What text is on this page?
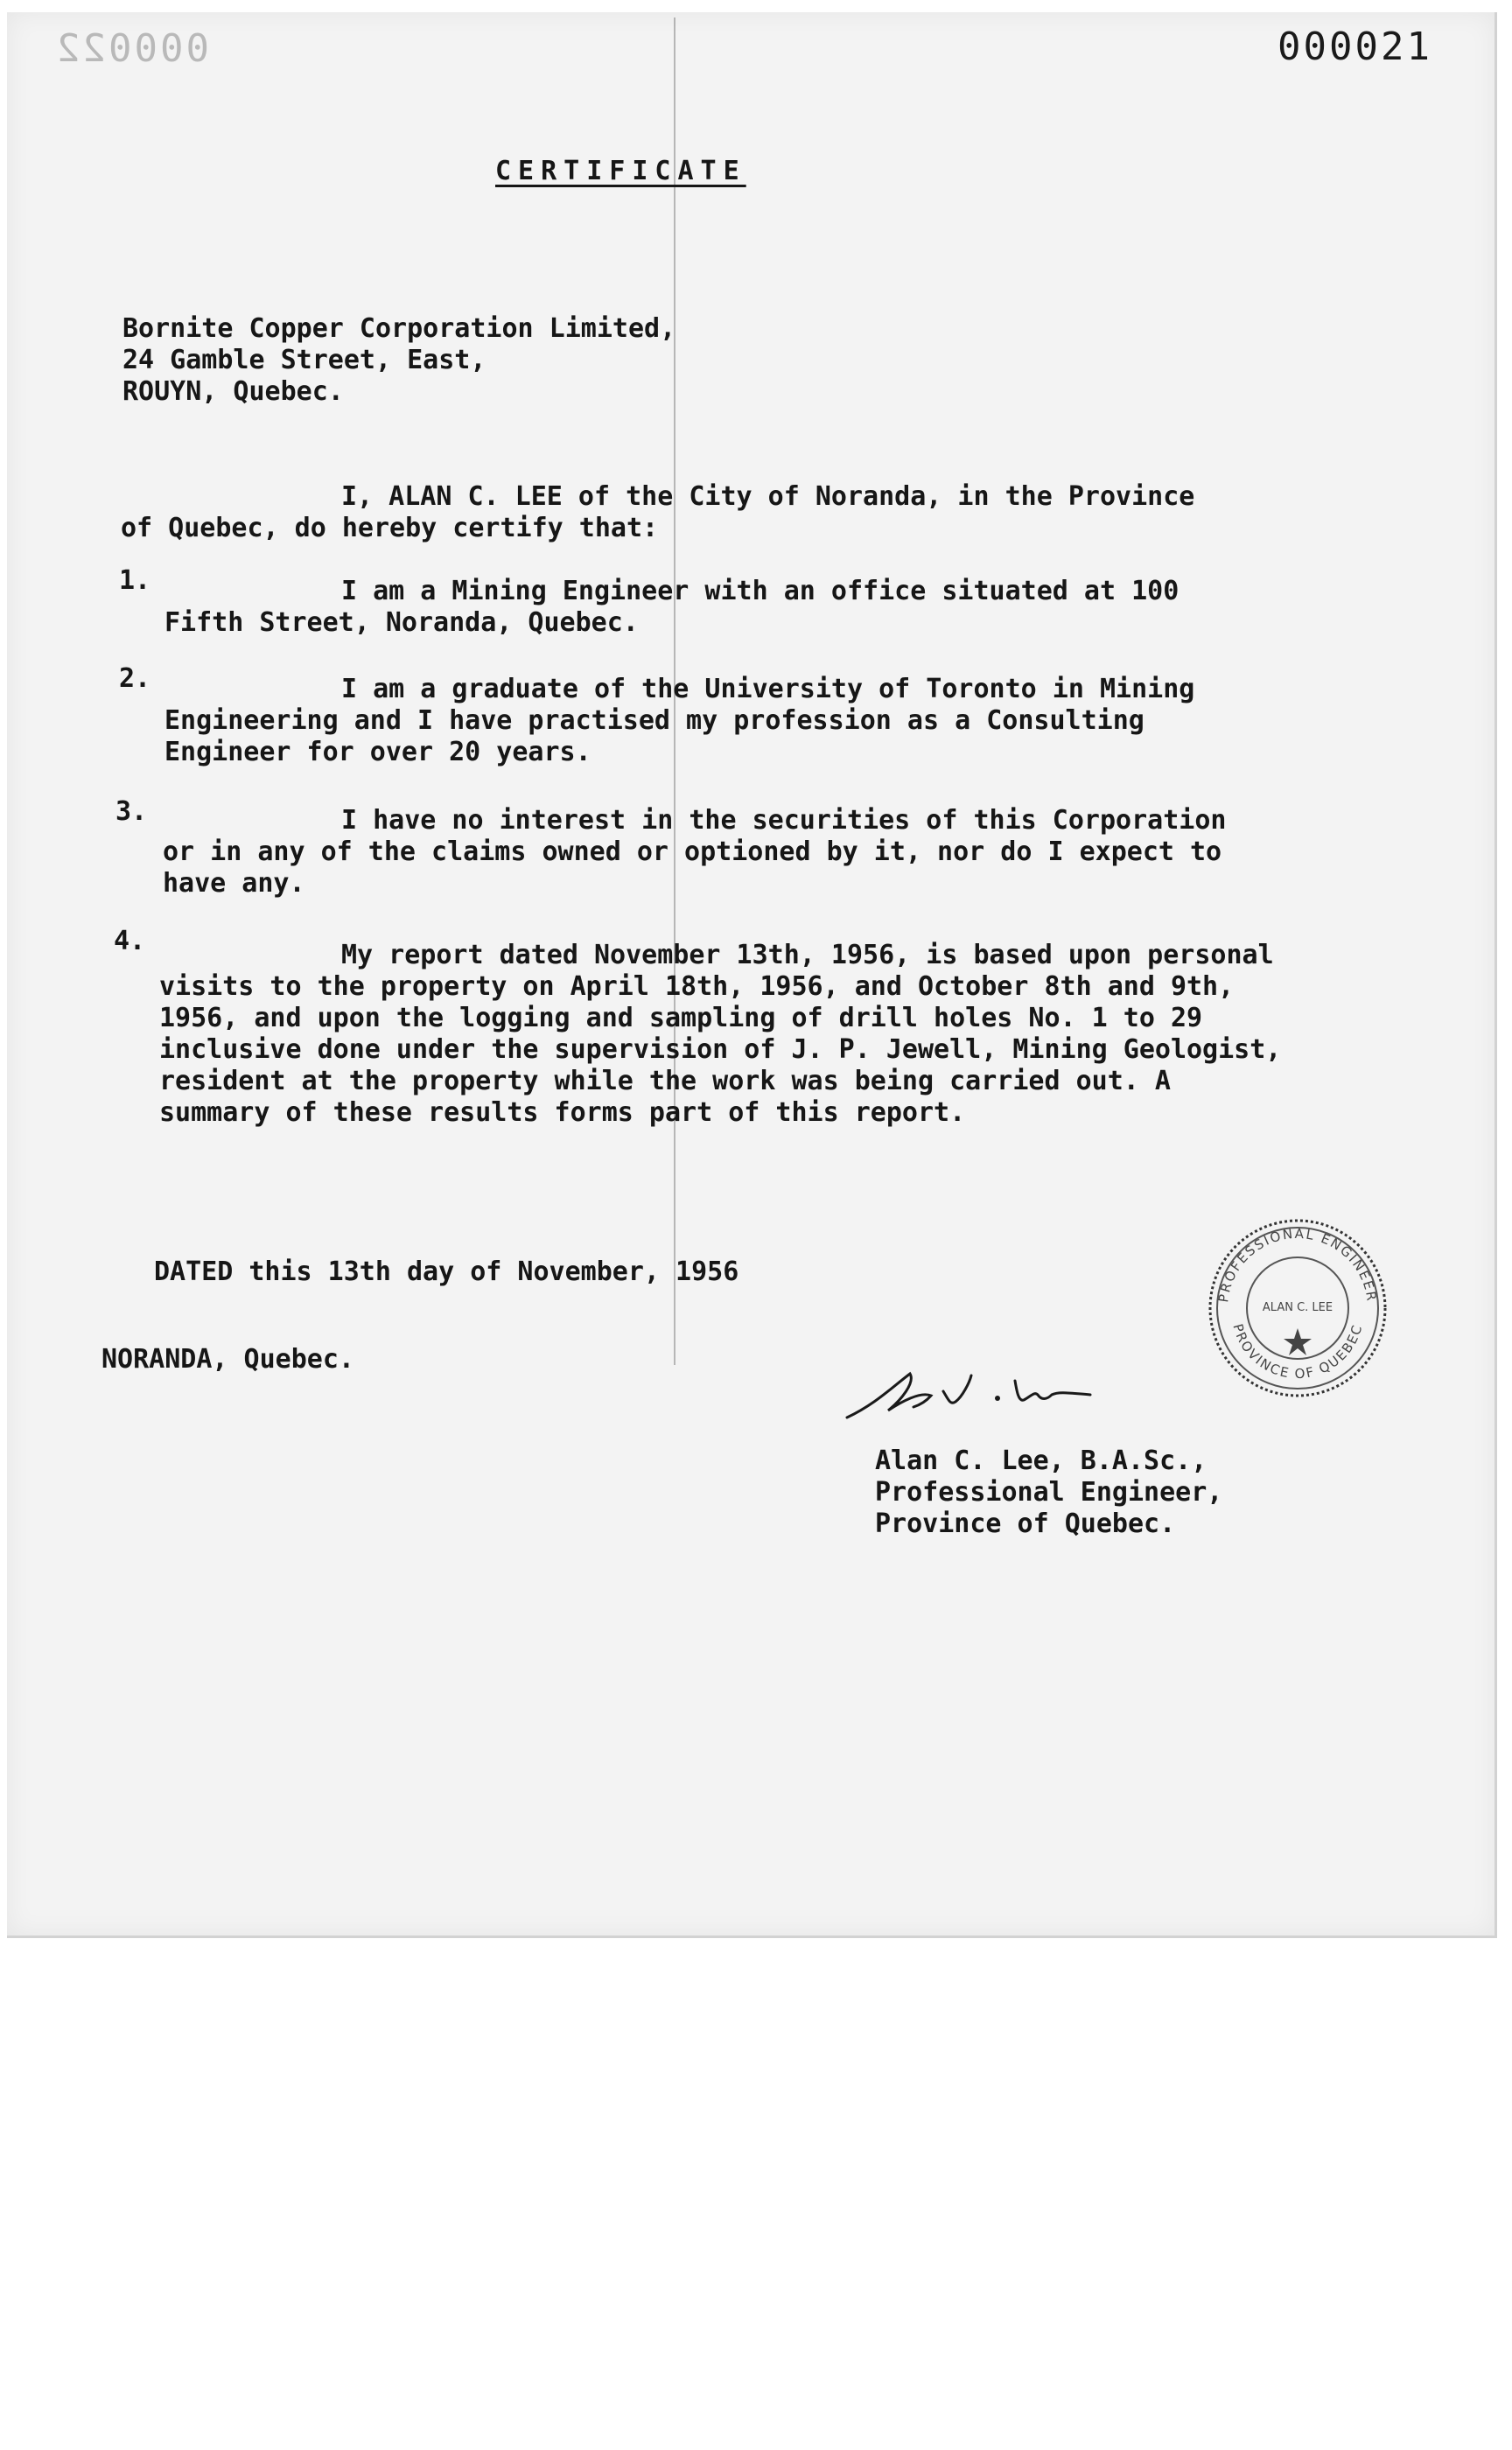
000022	000021
CERTIFICATE
Bornite Copper Corporation Limited,
24 Gamble Street, East,
ROUYN, Quebec.
I, ALAN C. LEE of the City of Noranda, in the Province
of Quebec, do hereby certify that:
1.	I am a Mining Engineer with an office situated at 100
Fifth Street, Noranda, Quebec.
2.	I am a graduate of the University of Toronto in Mining
Engineering and I have practised my profession as a Consulting
Engineer for over 20 years.
3.	I have no interest in the securities of this Corporation
or in any of the claims owned or optioned by it, nor do I expect to
have any.
4.	My report dated November 13th, 1956, is based upon personal
visits to the property on April 18th, 1956, and October 8th and 9th,
1956, and upon the logging and sampling of drill holes No. 1 to 29
inclusive done under the supervision of J. P. Jewell, Mining Geologist,
resident at the property while the work was being carried out. A
summary of these results forms part of this report.
DATED this 13th day of November, 1956
NORANDA, Quebec.
Alan C. Lee, B.A.Sc.,
Professional Engineer,
Province of Quebec.
PROFESSIONAL ENGINEER
PROVINCE OF QUEBEC
ALAN C. LEE
